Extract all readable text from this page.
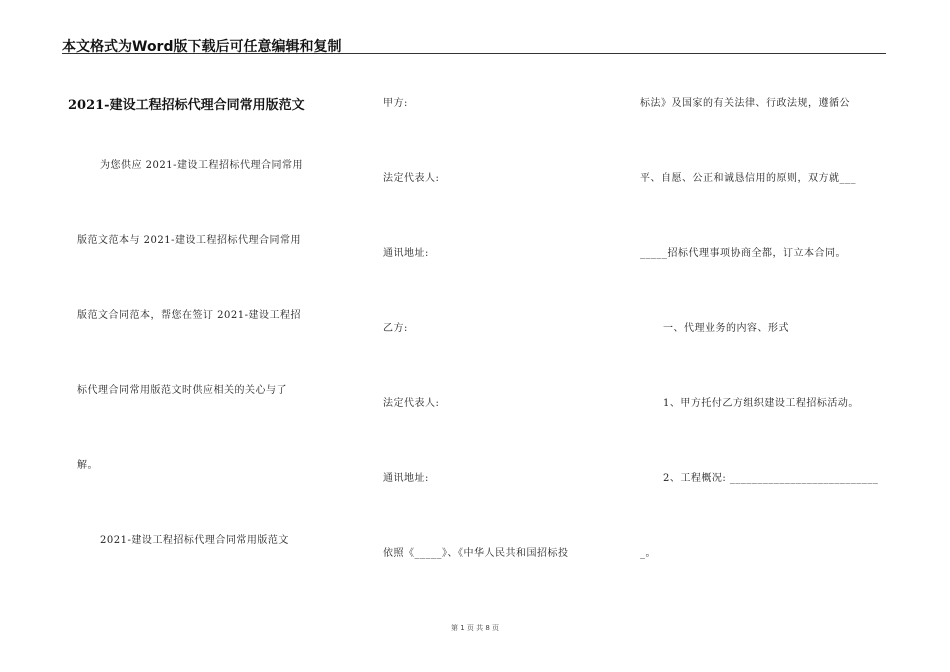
本文格式为Word版下载后可任意编辑和复制
2021-建设工程招标代理合同常用版范文
为您供应 2021-建设工程招标代理合同常用
版范文范本与 2021-建设工程招标代理合同常用
版范文合同范本，帮您在签订 2021-建设工程招
标代理合同常用版范文时供应相关的关心与了
解。
2021-建设工程招标代理合同常用版范文
甲方:
法定代表人:
通讯地址:
乙方:
法定代表人:
通讯地址:
依照《_____》、《中华人民共和国招标投
标法》及国家的有关法律、行政法规，遵循公
平、自愿、公正和诚恳信用的原则，双方就___
_____招标代理事项协商全都，订立本合同。
一、代理业务的内容、形式
1、甲方托付乙方组织建设工程招标活动。
2、工程概况: ___________________________
_。
第 1 页 共 8 页
